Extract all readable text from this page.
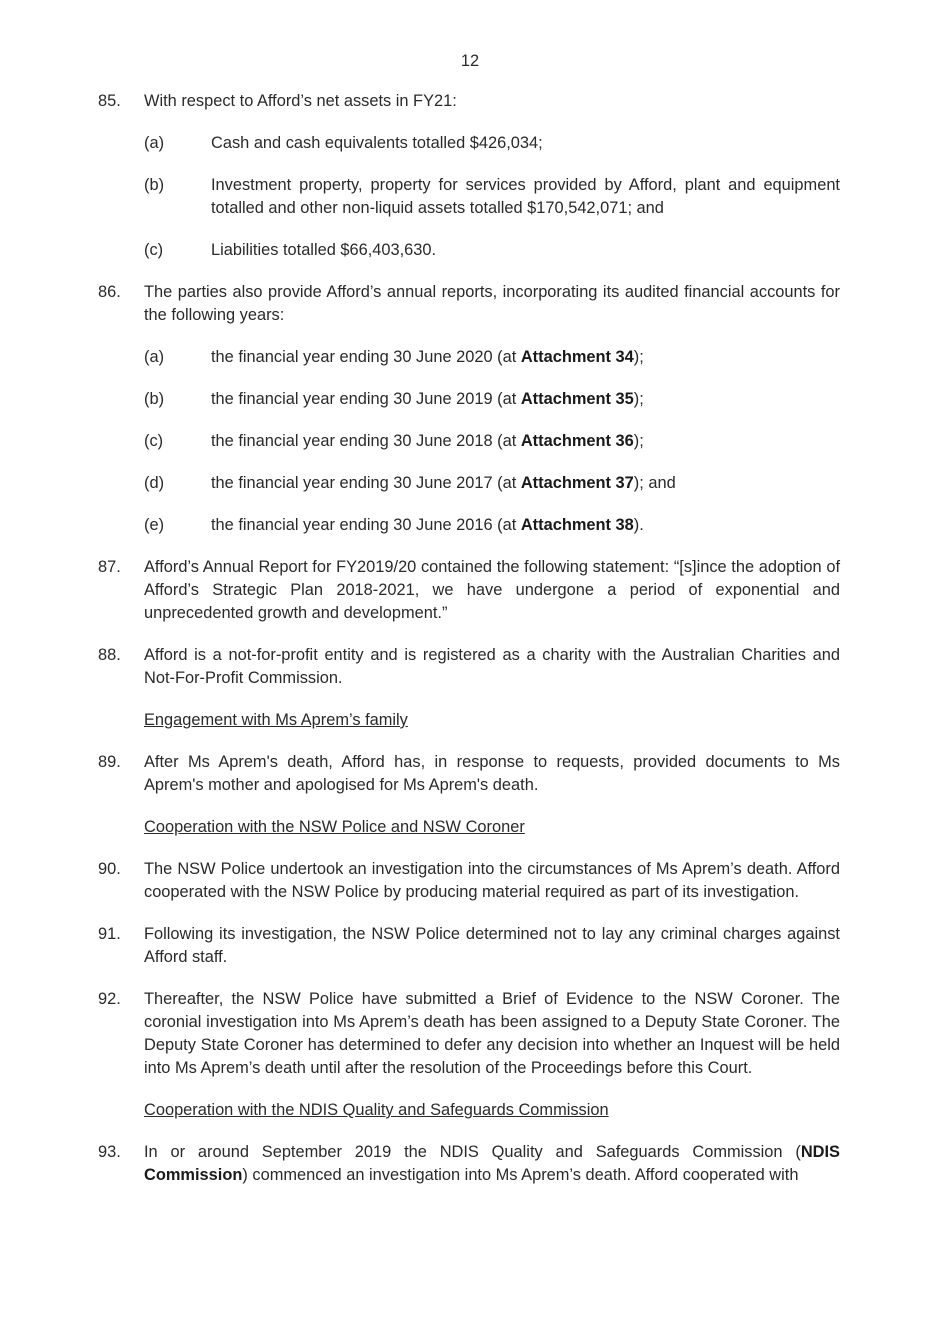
12
85.	With respect to Afford’s net assets in FY21:
(a)	Cash and cash equivalents totalled $426,034;
(b)	Investment property, property for services provided by Afford, plant and equipment totalled and other non-liquid assets totalled $170,542,071; and
(c)	Liabilities totalled $66,403,630.
86.	The parties also provide Afford’s annual reports, incorporating its audited financial accounts for the following years:
(a)	the financial year ending 30 June 2020 (at Attachment 34);
(b)	the financial year ending 30 June 2019 (at Attachment 35);
(c)	the financial year ending 30 June 2018 (at Attachment 36);
(d)	the financial year ending 30 June 2017 (at Attachment 37); and
(e)	the financial year ending 30 June 2016 (at Attachment 38).
87.	Afford’s Annual Report for FY2019/20 contained the following statement: “[s]ince the adoption of Afford’s Strategic Plan 2018-2021, we have undergone a period of exponential and unprecedented growth and development.”
88.	Afford is a not-for-profit entity and is registered as a charity with the Australian Charities and Not-For-Profit Commission.
Engagement with Ms Aprem’s family
89.	After Ms Aprem's death, Afford has, in response to requests, provided documents to Ms Aprem's mother and apologised for Ms Aprem's death.
Cooperation with the NSW Police and NSW Coroner
90.	The NSW Police undertook an investigation into the circumstances of Ms Aprem’s death. Afford cooperated with the NSW Police by producing material required as part of its investigation.
91.	Following its investigation, the NSW Police determined not to lay any criminal charges against Afford staff.
92.	Thereafter, the NSW Police have submitted a Brief of Evidence to the NSW Coroner. The coronial investigation into Ms Aprem’s death has been assigned to a Deputy State Coroner. The Deputy State Coroner has determined to defer any decision into whether an Inquest will be held into Ms Aprem’s death until after the resolution of the Proceedings before this Court.
Cooperation with the NDIS Quality and Safeguards Commission
93.	In or around September 2019 the NDIS Quality and Safeguards Commission (NDIS Commission) commenced an investigation into Ms Aprem’s death. Afford cooperated with
